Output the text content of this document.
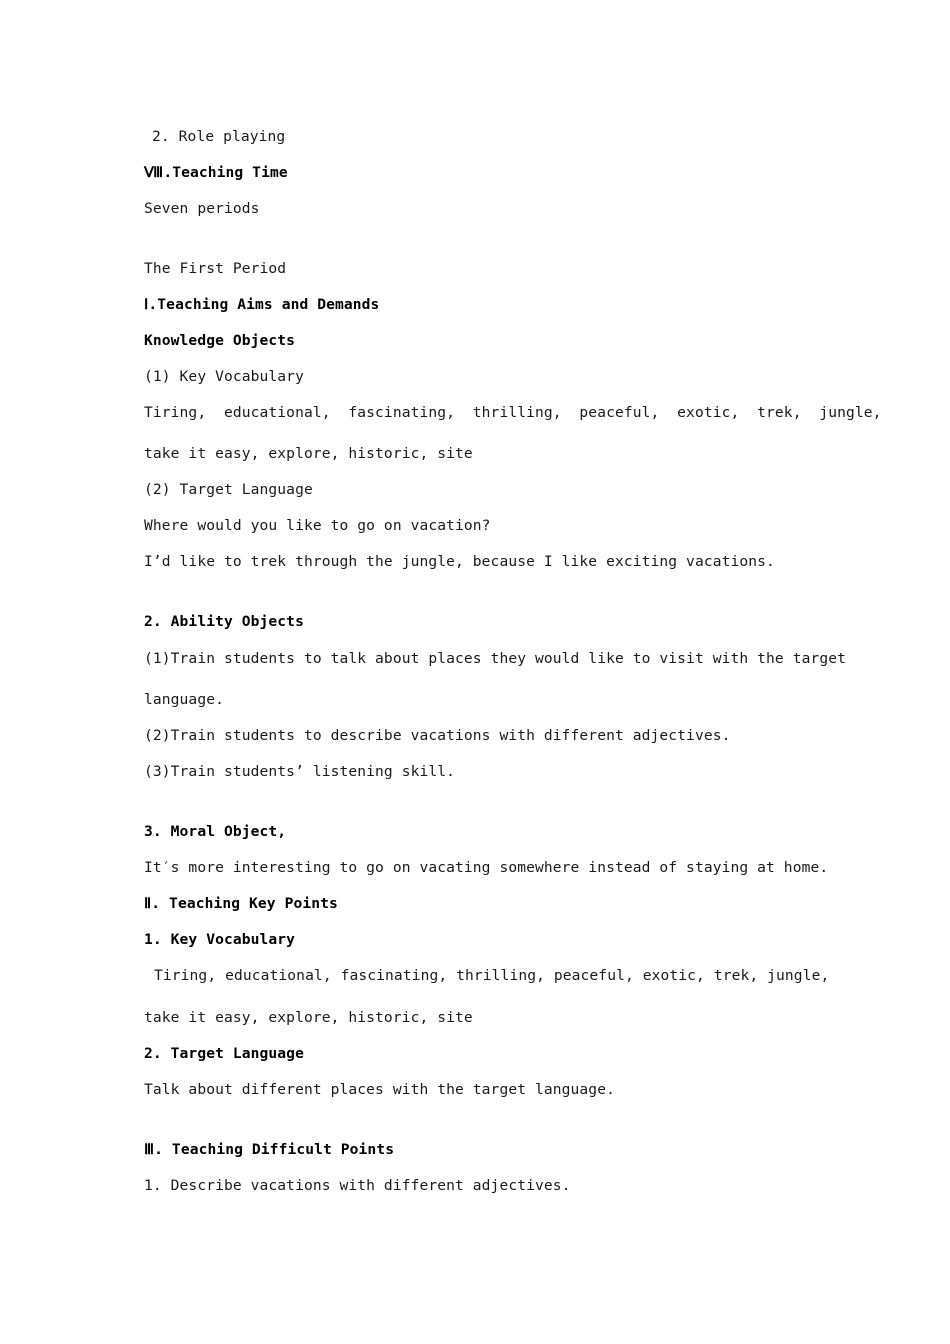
2. Role playing
Ⅷ.Teaching Time
Seven periods
The First Period
Ⅰ.Teaching Aims and Demands
Knowledge Objects
(1) Key Vocabulary
Tiring,  educational,  fascinating,  thrilling,  peaceful,  exotic,  trek,  jungle,
take it easy, explore, historic, site
(2) Target Language
Where would you like to go on vacation?
I’d like to trek through the jungle, because I like exciting vacations.
2. Ability Objects
(1)Train students to talk about places they would like to visit with the target
language.
(2)Train students to describe vacations with different adjectives.
(3)Train students’ listening skill.
3. Moral Object,
It′s more interesting to go on vacating somewhere instead of staying at home.
Ⅱ. Teaching Key Points
1. Key Vocabulary
Tiring, educational, fascinating, thrilling, peaceful, exotic, trek, jungle,
take it easy, explore, historic, site
2. Target Language
Talk about different places with the target language.
Ⅲ. Teaching Difficult Points
1. Describe vacations with different adjectives.
